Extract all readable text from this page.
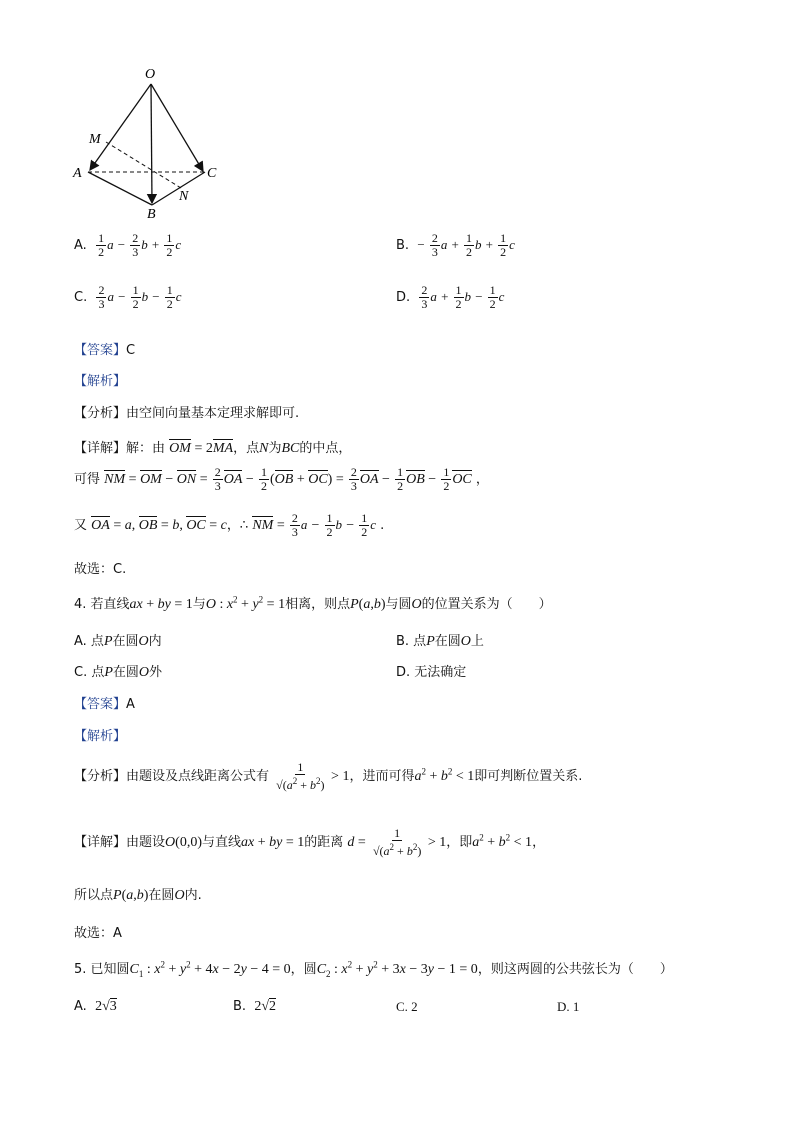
O
M
A	C
N
B
A. $\frac{1}{2}$ $a - \frac{2}{3}$ $b + \frac{1}{2}$ c	B. − $\frac{2}{3}$ $a + \frac{1}{2}$ $b + \frac{1}{2}$ c
C. $\frac{2}{3}$ $a - \frac{1}{2}$ $b - \frac{1}{2}$ c	D. $\frac{2}{3}$ $a + \frac{1}{2}$ $b - \frac{1}{2}$ c
【答案】C
【解析】
【分析】由空间向量基本定理求解即可.
【详解】解：由 OM = 2MA，点N为BC的中点，
可得 NM = OM − ON = $\frac{2}{3}$ OA − $\frac{1}{2} (OB + OC) = \frac{2}{3}$ OA − $\frac{1}{2}$ OB − $\frac{1}{2}$ OC ，
又 OA = a, OB = b, OC = c，∴ NM = $\frac{2}{3}$ $a - \frac{1}{2}$ $b - \frac{1}{2}$ c .
故选：C.
4. 若直线ax + by = 1与O : $x^2 + y^2 = 1$相离，则点P(a,b)与圆O的位置关系为（　　）
A. 点P在圆O内	B. 点P在圆O上
C. 点P在圆O外	D. 无法确定
【答案】A
【解析】
【分析】由题设及点线距离公式有 $\frac{1}{√(a^2 + b^2)} > 1$，进而可得$a^2 + b^2 < 1$即可判断位置关系.
【详解】由题设O(0,0)与直线ax + by = 1的距离 $d = \frac{1}{√(a^2 + b^2)} > 1$，即$a^2 + b^2 < 1$，
所以点P(a,b)在圆O内.
故选：A
5. 已知圆$C_1$ : $x^2 + y^2 + 4x - 2y - 4 = 0$，圆$C_2$ : $x^2 + y^2 + 3x - 3y - 1 = 0$，则这两圆的公共弦长为（　　）
A. 2√3	B. 2√2	C. 2	D. 1
